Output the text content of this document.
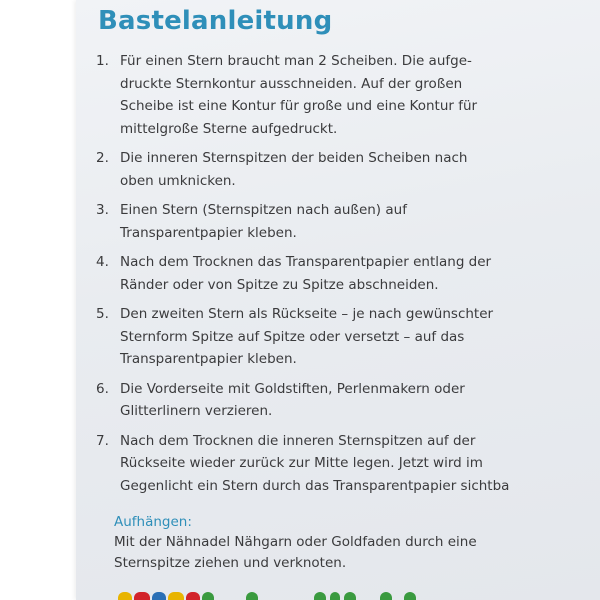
Bastelanleitung
1. Für einen Stern braucht man 2 Scheiben. Die aufge-
druckte Sternkontur ausschneiden. Auf der großen
Scheibe ist eine Kontur für große und eine Kontur für
mittelgroße Sterne aufgedruckt.
2. Die inneren Sternspitzen der beiden Scheiben nach
oben umknicken.
3. Einen Stern (Sternspitzen nach außen) auf
Transparentpapier kleben.
4. Nach dem Trocknen das Transparentpapier entlang der
Ränder oder von Spitze zu Spitze abschneiden.
5. Den zweiten Stern als Rückseite – je nach gewünschter
Sternform Spitze auf Spitze oder versetzt – auf das
Transparentpapier kleben.
6. Die Vorderseite mit Goldstiften, Perlenmakern oder
Glitterlinern verzieren.
7. Nach dem Trocknen die inneren Sternspitzen auf der
Rückseite wieder zurück zur Mitte legen. Jetzt wird im
Gegenlicht ein Stern durch das Transparentpapier sichtba

Aufhängen:

Mit der Nähnadel Nähgarn oder Goldfaden durch eine
Sternspitze ziehen und verknoten.
